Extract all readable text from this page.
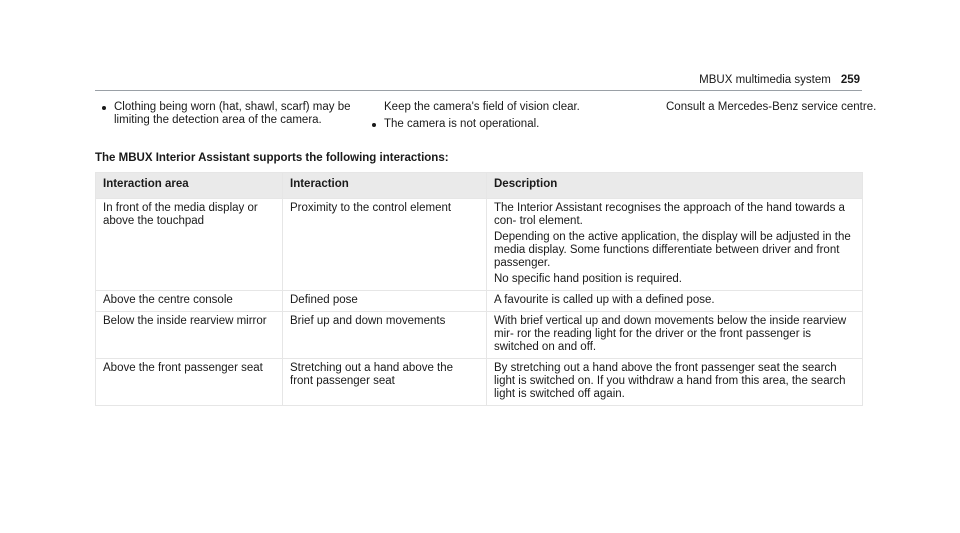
MBUX multimedia system 259
Clothing being worn (hat, shawl, scarf) may be limiting the detection area of the camera.

Keep the camera's field of vision clear.

The camera is not operational.

Consult a Mercedes-Benz service centre.

The MBUX Interior Assistant supports the following interactions:

Interaction area	Interaction	Description
In front of the media display or above the touchpad	Proximity to the control element	The Interior Assistant recognises the approach of the hand towards a con- trol element.

Depending on the active application, the display will be adjusted in the media display. Some functions differentiate between driver and front passenger.

No specific hand position is required.

Above the centre console	Defined pose	A favourite is called up with a defined pose.

Below the inside rearview mirror	Brief up and down movements	With brief vertical up and down movements below the inside rearview mir- ror the reading light for the driver or the front passenger is switched on and off.

Above the front passenger seat	Stretching out a hand above the front passenger seat	By stretching out a hand above the front passenger seat the search light is switched on. If you withdraw a hand from this area, the search light is switched off again.
